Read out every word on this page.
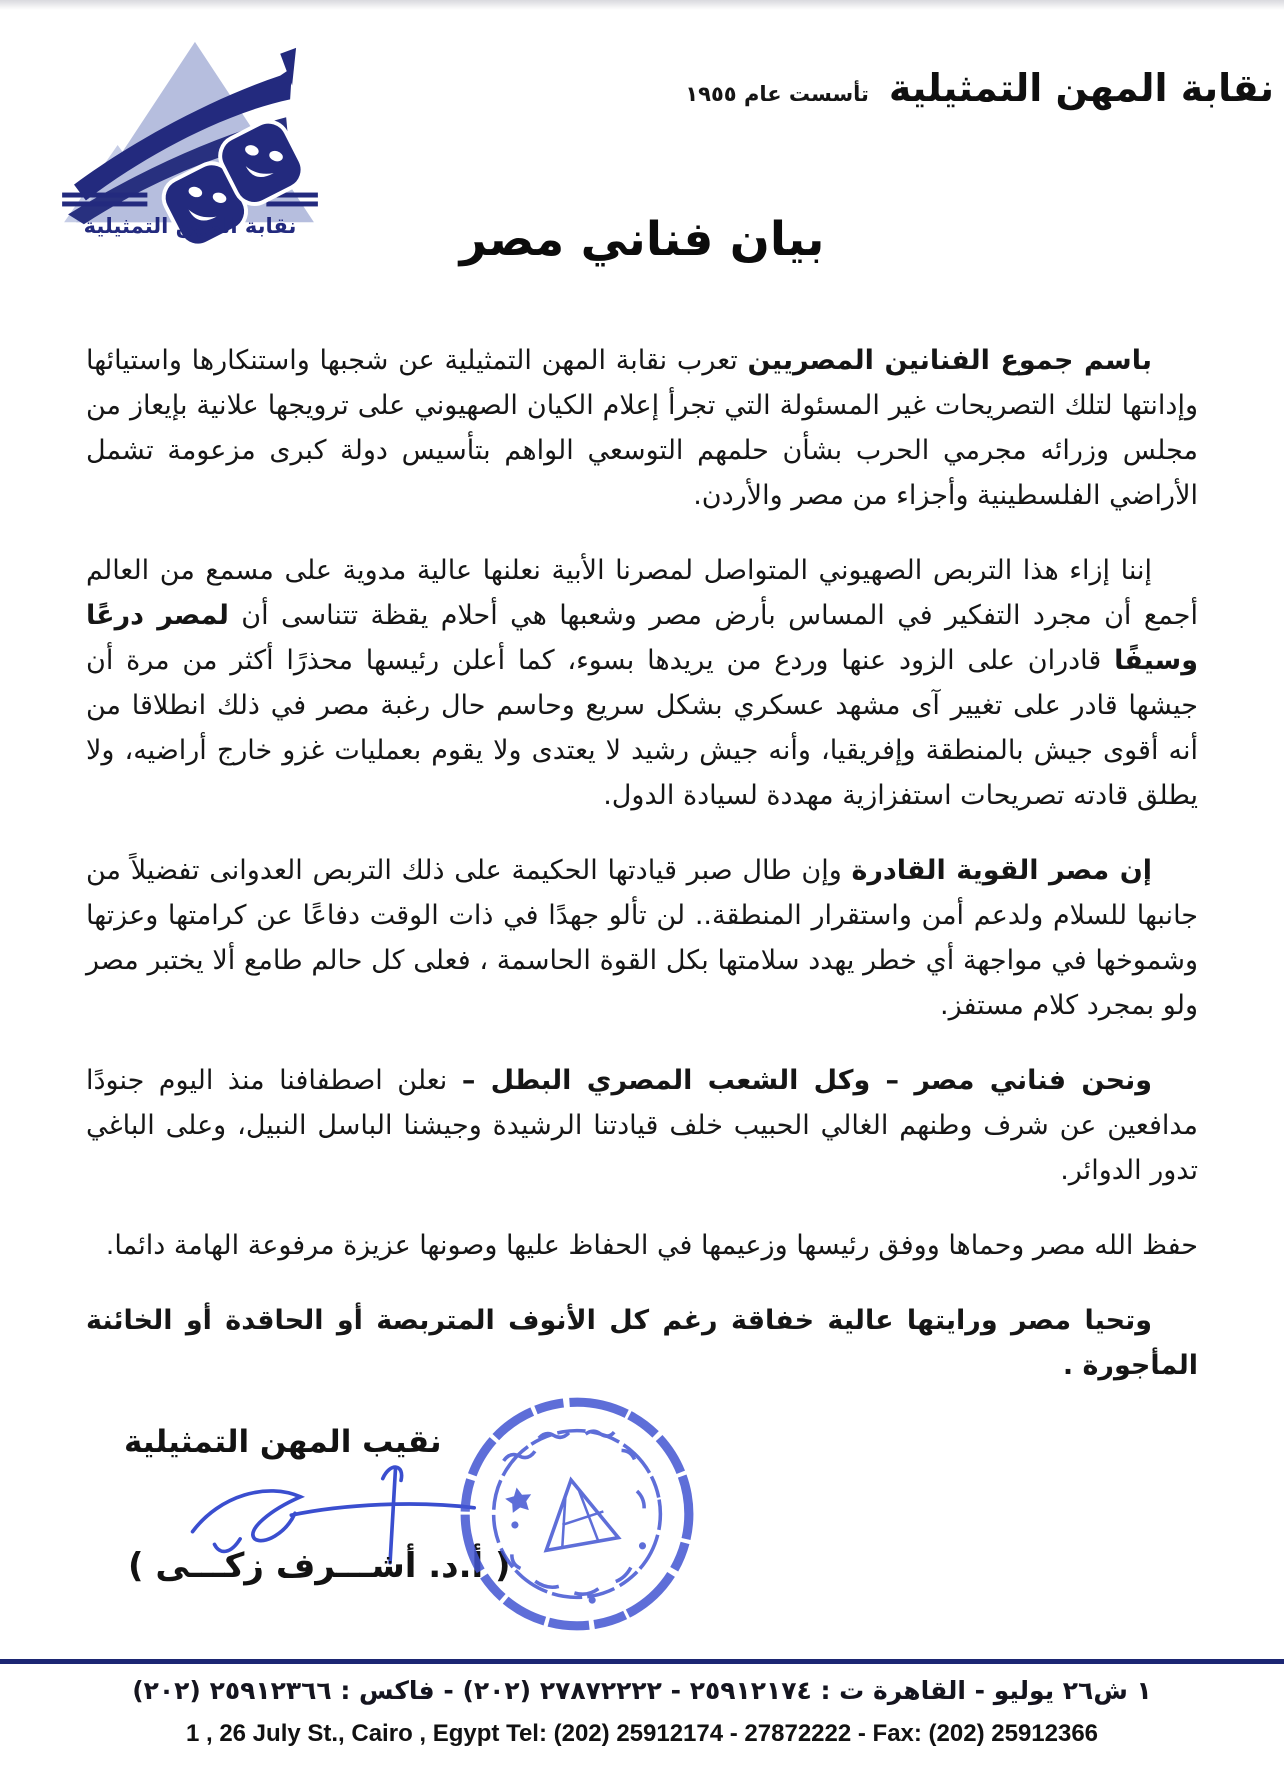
نقابة المهن التمثيلية
نقابة المهن التمثيلية
تأسست عام ١٩٥٥
بيان فناني مصر

باسم جموع الفنانين المصريين تعرب نقابة المهن التمثيلية عن شجبها واستنكارها واستيائها وإدانتها لتلك التصريحات غير المسئولة التي تجرأ إعلام الكيان الصهيوني على ترويجها علانية بإيعاز من مجلس وزرائه مجرمي الحرب بشأن حلمهم التوسعي الواهم بتأسيس دولة كبرى مزعومة تشمل الأراضي الفلسطينية وأجزاء من مصر والأردن.

إننا إزاء هذا التربص الصهيوني المتواصل لمصرنا الأبية نعلنها عالية مدوية على مسمع من العالم أجمع أن مجرد التفكير في المساس بأرض مصر وشعبها هي أحلام يقظة تتناسى أن لمصر درعًا وسيفًا قادران على الزود عنها وردع من يريدها بسوء، كما أعلن رئيسها محذرًا أكثر من مرة أن جيشها قادر على تغيير آى مشهد عسكري بشكل سريع وحاسم حال رغبة مصر في ذلك انطلاقا من أنه أقوى جيش بالمنطقة وإفريقيا، وأنه جيش رشيد لا يعتدى ولا يقوم بعمليات غزو خارج أراضيه، ولا يطلق قادته تصريحات استفزازية مهددة لسيادة الدول.

إن مصر القوية القادرة وإن طال صبر قيادتها الحكيمة على ذلك التربص العدوانى تفضيلاً من جانبها للسلام ولدعم أمن واستقرار المنطقة.. لن تألو جهدًا في ذات الوقت دفاعًا عن كرامتها وعزتها وشموخها في مواجهة أي خطر يهدد سلامتها بكل القوة الحاسمة ، فعلى كل حالم طامع ألا يختبر مصر ولو بمجرد كلام مستفز.

ونحن فناني مصر – وكل الشعب المصري البطل – نعلن اصطفافنا منذ اليوم جنودًا مدافعين عن شرف وطنهم الغالي الحبيب خلف قيادتنا الرشيدة وجيشنا الباسل النبيل، وعلى الباغي تدور الدوائر.

حفظ الله مصر وحماها ووفق رئيسها وزعيمها في الحفاظ عليها وصونها عزيزة مرفوعة الهامة دائما.

وتحيا مصر ورايتها عالية خفاقة رغم كل الأنوف المتربصة أو الحاقدة أو الخائنة المأجورة .

نقيب المهن التمثيلية
( أ.د. أشـــرف زكـــى )
١ ش٢٦ يوليو - القاهرة ت : ٢٥٩١٢١٧٤ - ٢٧٨٧٢٢٢٢ (٢٠٢) - فاكس : ٢٥٩١٢٣٦٦ (٢٠٢)
1 , 26 July St., Cairo , Egypt Tel: (202) 25912174 - 27872222 - Fax: (202) 25912366
